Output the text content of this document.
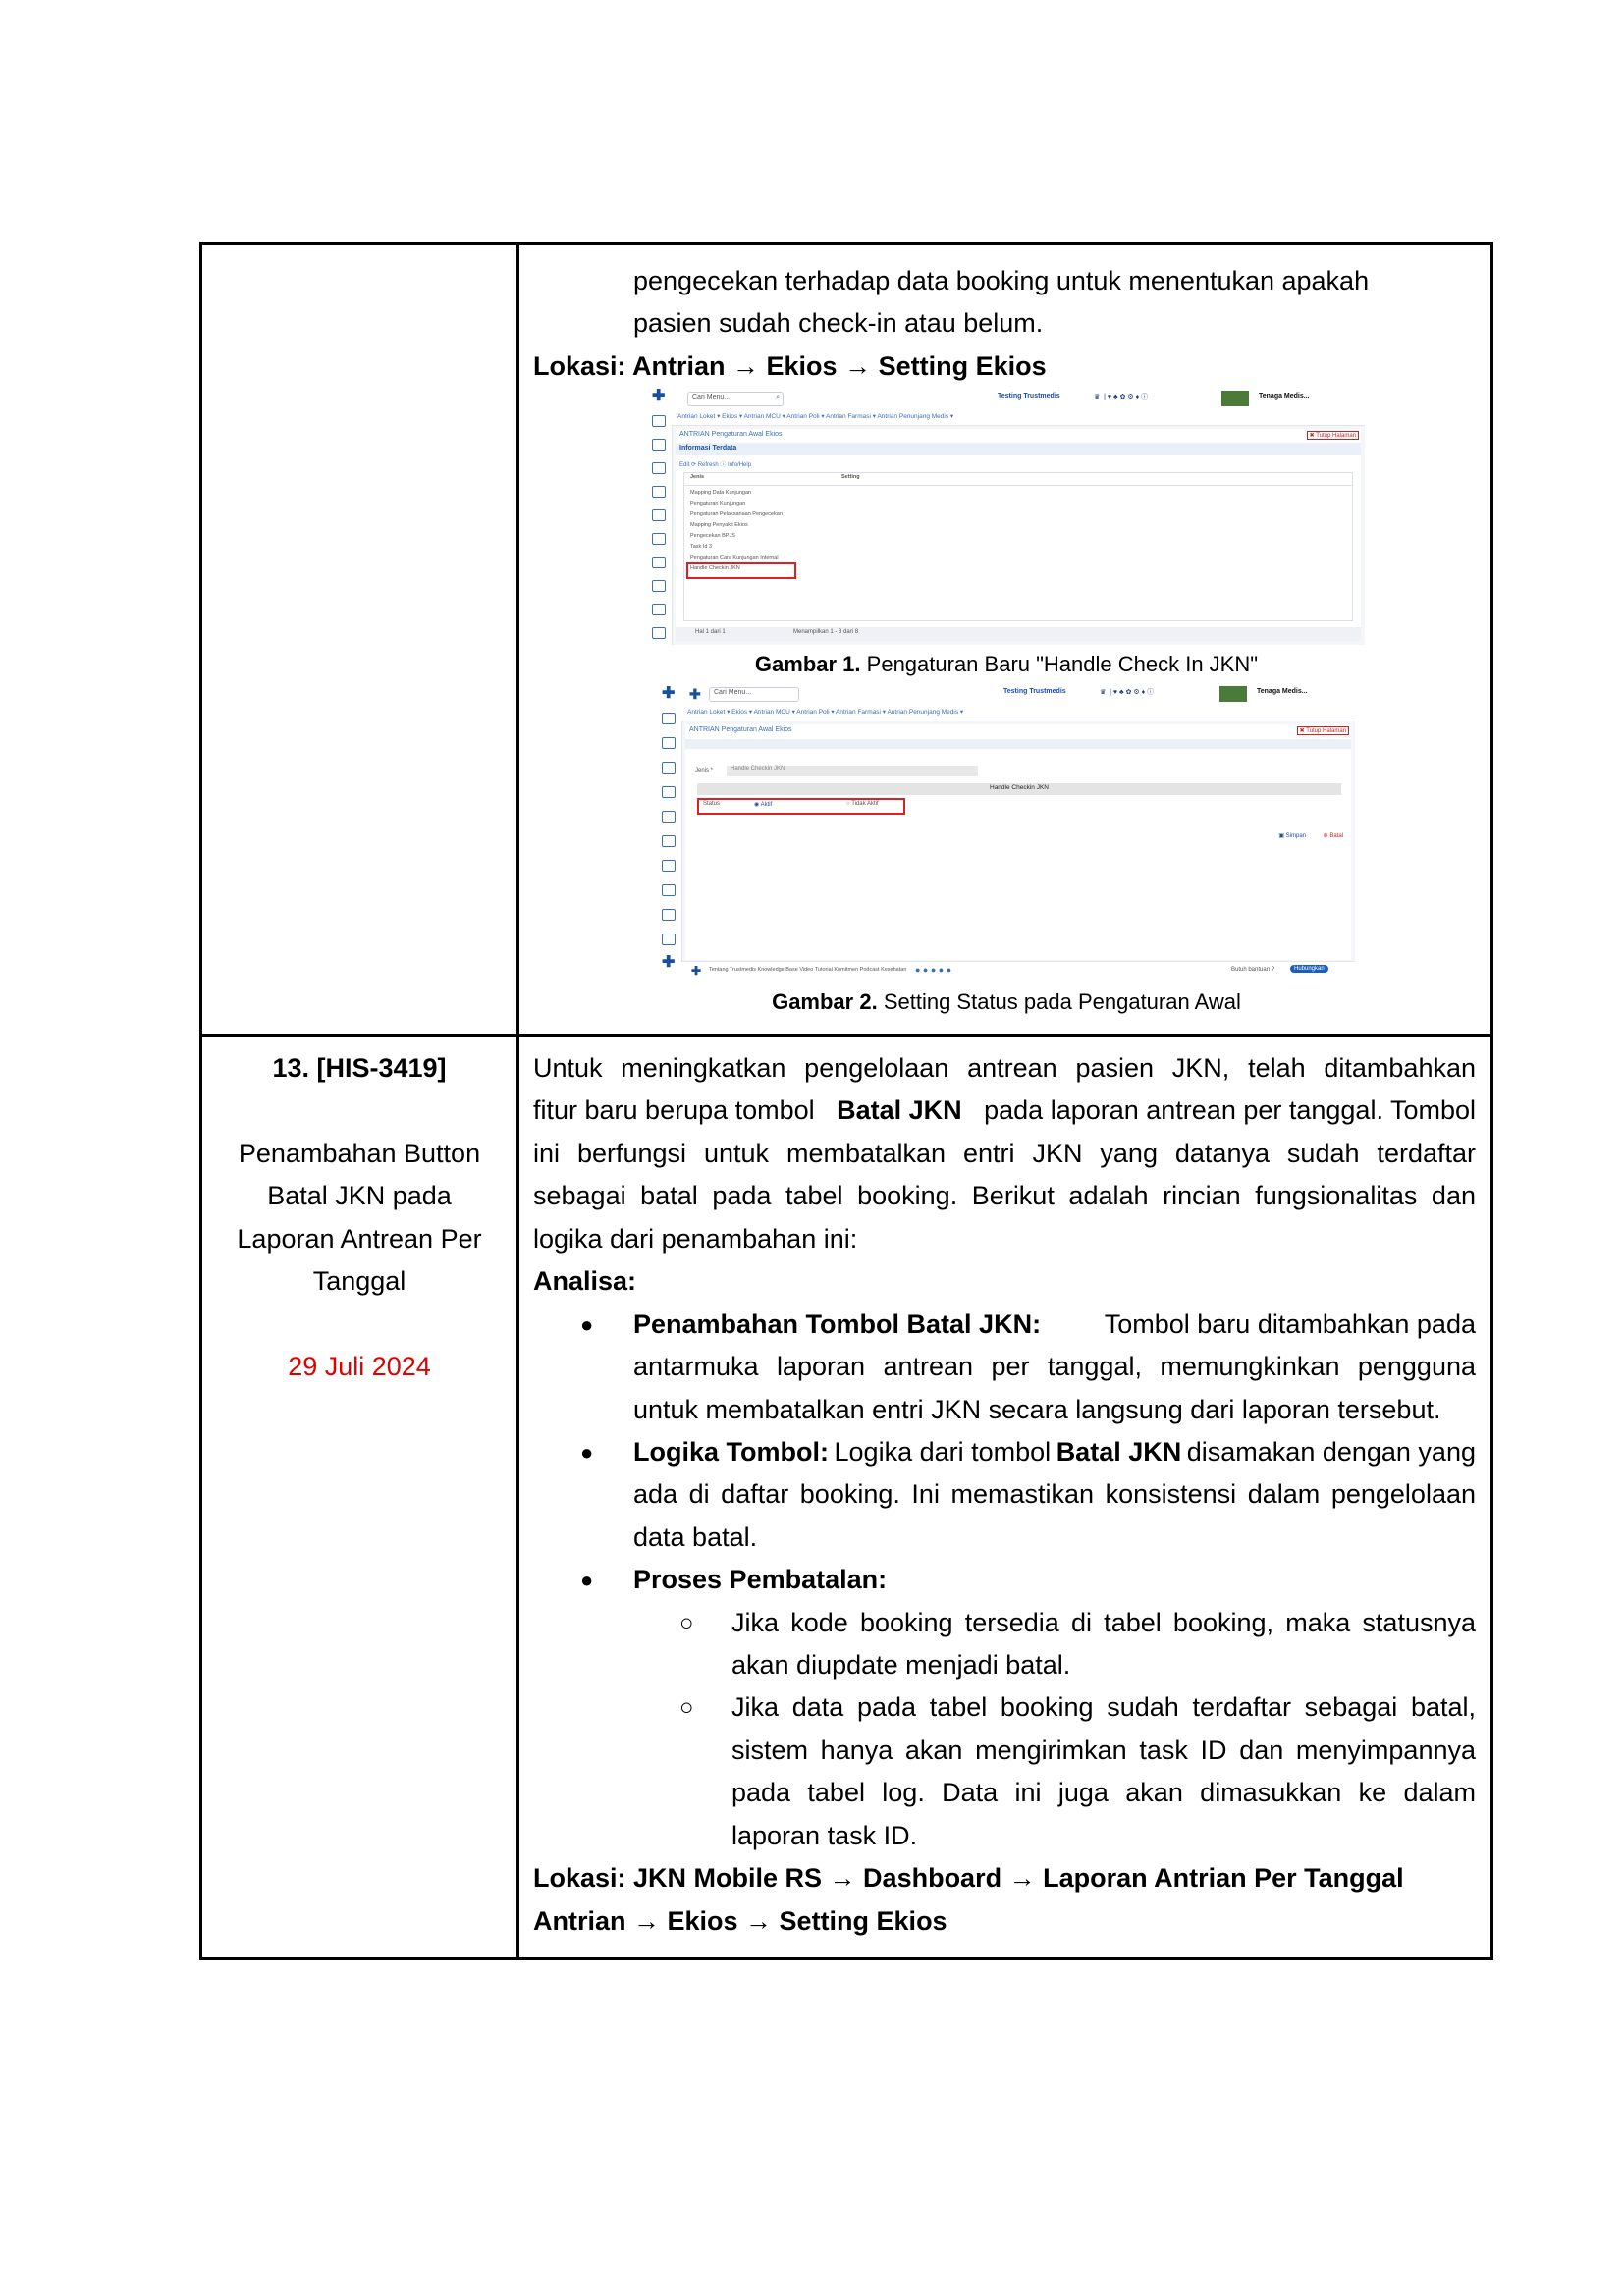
pengecekan terhadap data booking untuk menentukan apakah
pasien sudah check-in atau belum.
Lokasi: Antrian → Ekios → Setting Ekios
✚	Cari Menu...	⌕	Testing Trustmedis	♛  | ♥ ♣ ✿ ⚙ ♦ ⓘ	Tenaga Medis...
Antrian Loket ▾ Ekios ▾ Antrian MCU ▾ Antrian Poli ▾ Antrian Farmasi ▾ Antrian Penunjang Medis ▾
ANTRIAN Pengaturan Awal Ekios	✖ Tutup Halaman
Informasi Terdata
Edit ⟳ Refresh ⓘ Info/Help
Jenis	Setting
Mapping Data Kunjungan
Pengaturan Kunjungan
Pengaturan Pelaksanaan Pengecekan
Mapping Penyakit Ekios
Pengecekan BPJS
Task Id 3
Pengaturan Cara Kunjungan Internal
Handle Checkin JKN
Hal 1 dari 1	Menampilkan 1 - 8 dari 8
Gambar 1. Pengaturan Baru "Handle Check In JKN"
✚
✚
✚ Cari Menu...	Testing Trustmedis	♛  | ♥ ♣ ✿ ⚙ ♦ ⓘ	Tenaga Medis...
Antrian Loket ▾ Ekios ▾ Antrian MCU ▾ Antrian Poli ▾ Antrian Farmasi ▾ Antrian Penunjang Medis ▾
ANTRIAN Pengaturan Awal Ekios	✖ Tutup Halaman
Jenis *	Handle Checkin JKN
Handle Checkin JKN
Status	◉ Aktif	○ Tidak Aktif
▣ Simpan	⊗ Batal
✚ Tentang Trustmedis Knowledge Base Video Tutorial Komitmen Podcast Kesehatan ● ● ● ● ●	Butuh bantuan ?	Hubungkan
Gambar 2. Setting Status pada Pengaturan Awal
13. [HIS-3419]
Penambahan Button
Batal JKN pada
Laporan Antrean Per
Tanggal
29 Juli 2024
Untuk meningkatkan pengelolaan antrean pasien JKN, telah ditambahkan
fitur baru berupa tombol Batal JKN pada laporan antrean per tanggal. Tombol
ini berfungsi untuk membatalkan entri JKN yang datanya sudah terdaftar
sebagai batal pada tabel booking. Berikut adalah rincian fungsionalitas dan
logika dari penambahan ini:
Analisa:
● Penambahan Tombol Batal JKN: Tombol baru ditambahkan pada
antarmuka laporan antrean per tanggal, memungkinkan pengguna
untuk membatalkan entri JKN secara langsung dari laporan tersebut.
● Logika Tombol: Logika dari tombol Batal JKN disamakan dengan yang
ada di daftar booking. Ini memastikan konsistensi dalam pengelolaan
data batal.
● Proses Pembatalan:
○ Jika kode booking tersedia di tabel booking, maka statusnya
akan diupdate menjadi batal.
○ Jika data pada tabel booking sudah terdaftar sebagai batal,
sistem hanya akan mengirimkan task ID dan menyimpannya
pada tabel log. Data ini juga akan dimasukkan ke dalam
laporan task ID.
Lokasi: JKN Mobile RS → Dashboard → Laporan Antrian Per Tanggal
Antrian → Ekios → Setting Ekios
